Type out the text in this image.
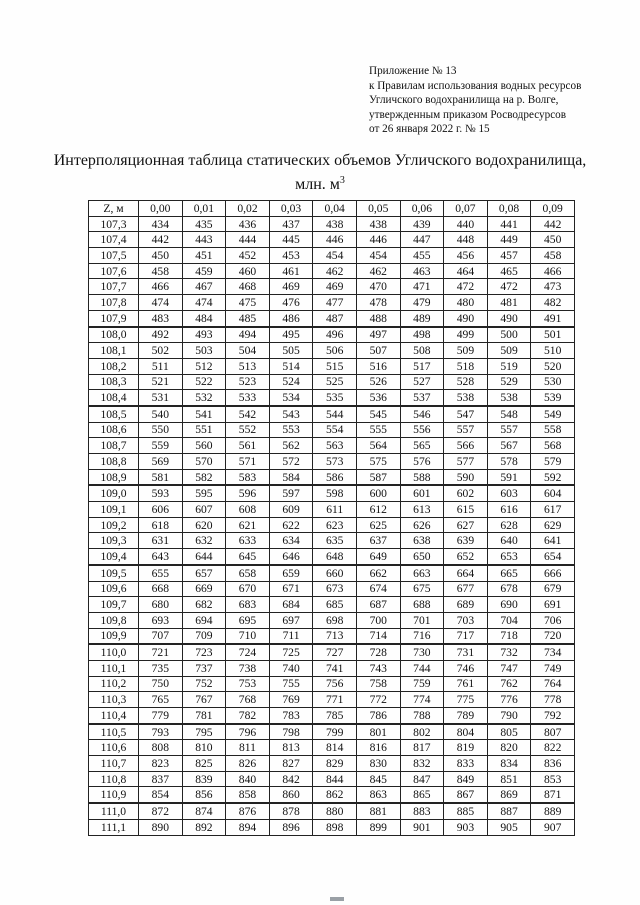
Приложение № 13
к Правилам использования водных ресурсов
Угличского водохранилища на р. Волге,
утвержденным приказом Росводресурсов
от 26 января 2022 г. № 15
Интерполяционная таблица статических объемов Угличского водохранилища,
млн. $м^3$
Z, м	0,00	0,01	0,02	0,03	0,04	0,05	0,06	0,07	0,08	0,09
107,3	434	435	436	437	438	438	439	440	441	442
107,4	442	443	444	445	446	446	447	448	449	450
107,5	450	451	452	453	454	454	455	456	457	458
107,6	458	459	460	461	462	462	463	464	465	466
107,7	466	467	468	469	469	470	471	472	472	473
107,8	474	474	475	476	477	478	479	480	481	482
107,9	483	484	485	486	487	488	489	490	490	491
108,0	492	493	494	495	496	497	498	499	500	501
108,1	502	503	504	505	506	507	508	509	509	510
108,2	511	512	513	514	515	516	517	518	519	520
108,3	521	522	523	524	525	526	527	528	529	530
108,4	531	532	533	534	535	536	537	538	538	539
108,5	540	541	542	543	544	545	546	547	548	549
108,6	550	551	552	553	554	555	556	557	557	558
108,7	559	560	561	562	563	564	565	566	567	568
108,8	569	570	571	572	573	575	576	577	578	579
108,9	581	582	583	584	586	587	588	590	591	592
109,0	593	595	596	597	598	600	601	602	603	604
109,1	606	607	608	609	611	612	613	615	616	617
109,2	618	620	621	622	623	625	626	627	628	629
109,3	631	632	633	634	635	637	638	639	640	641
109,4	643	644	645	646	648	649	650	652	653	654
109,5	655	657	658	659	660	662	663	664	665	666
109,6	668	669	670	671	673	674	675	677	678	679
109,7	680	682	683	684	685	687	688	689	690	691
109,8	693	694	695	697	698	700	701	703	704	706
109,9	707	709	710	711	713	714	716	717	718	720
110,0	721	723	724	725	727	728	730	731	732	734
110,1	735	737	738	740	741	743	744	746	747	749
110,2	750	752	753	755	756	758	759	761	762	764
110,3	765	767	768	769	771	772	774	775	776	778
110,4	779	781	782	783	785	786	788	789	790	792
110,5	793	795	796	798	799	801	802	804	805	807
110,6	808	810	811	813	814	816	817	819	820	822
110,7	823	825	826	827	829	830	832	833	834	836
110,8	837	839	840	842	844	845	847	849	851	853
110,9	854	856	858	860	862	863	865	867	869	871
111,0	872	874	876	878	880	881	883	885	887	889
111,1	890	892	894	896	898	899	901	903	905	907
